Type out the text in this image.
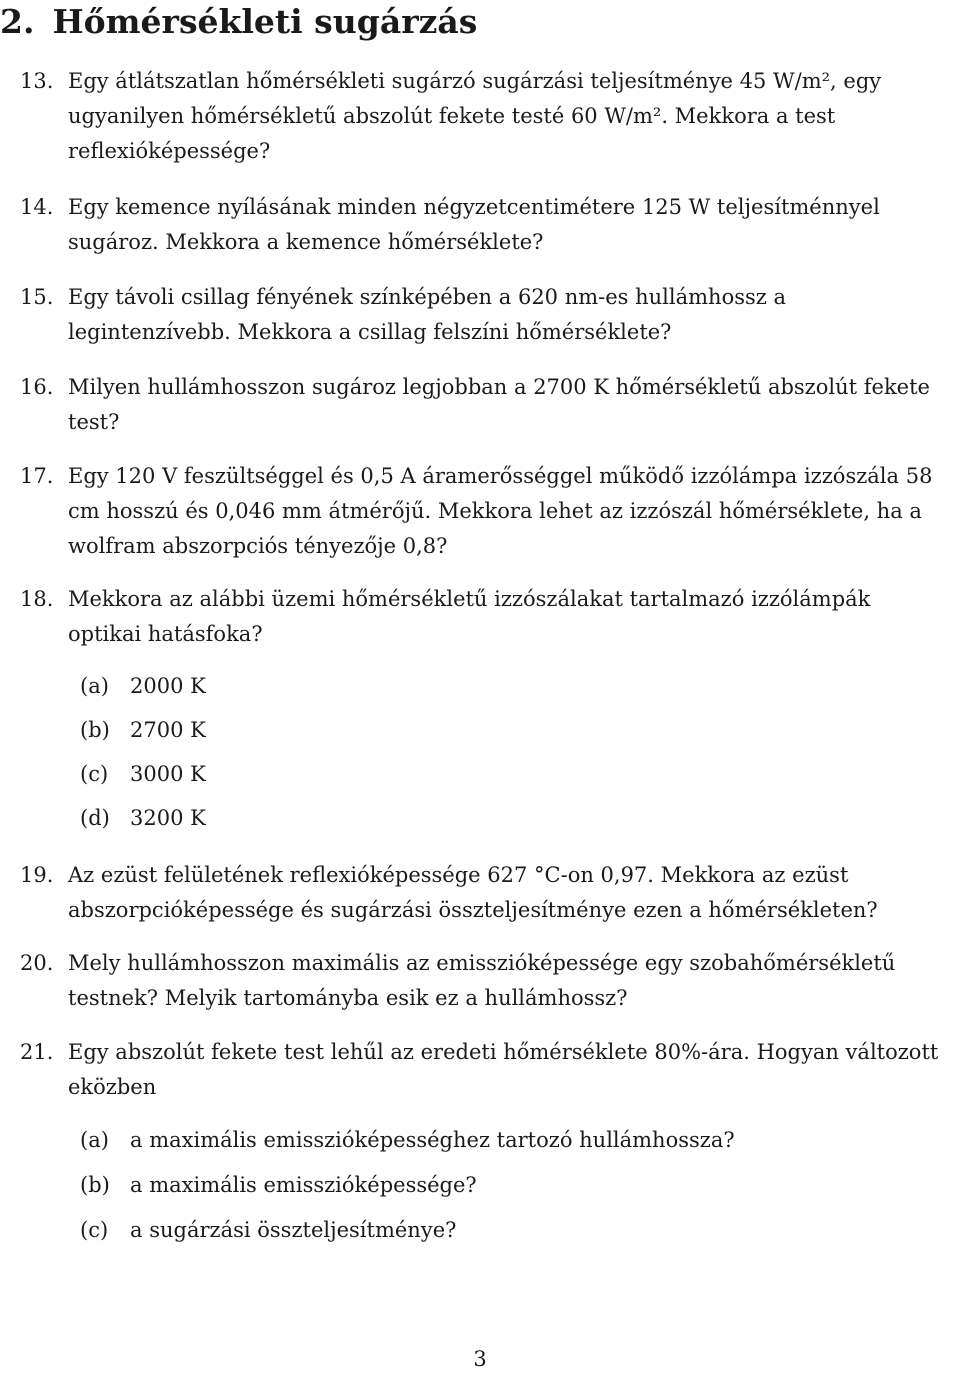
2. Hőmérsékleti sugárzás
13. Egy átlátszatlan hőmérsékleti sugárzó sugárzási teljesítménye 45 W/m², egy ugyanilyen hőmérsékletű abszolút fekete testé 60 W/m². Mekkora a test reflexióképessége?

14. Egy kemence nyílásának minden négyzetcentimétere 125 W teljesítménnyel sugároz. Mekkora a kemence hőmérséklete?

15. Egy távoli csillag fényének színképében a 620 nm-es hullámhossz a legintenzívebb. Mekkora a csillag felszíni hőmérséklete?

16. Milyen hullámhosszon sugároz legjobban a 2700 K hőmérsékletű abszolút fekete test?

17. Egy 120 V feszültséggel és 0,5 A áramerősséggel működő izzólámpa izzószála 58 cm hosszú és 0,046 mm átmérőjű. Mekkora lehet az izzószál hőmérséklete, ha a wolfram abszorpciós tényezője 0,8?

18. Mekkora az alábbi üzemi hőmérsékletű izzószálakat tartalmazó izzólámpák optikai hatásfoka?

(a) 2000 K
(b) 2700 K
(c) 3000 K
(d) 3200 K
19. Az ezüst felületének reflexióképessége 627 °C-on 0,97. Mekkora az ezüst abszorpcióképessége és sugárzási összteljesítménye ezen a hőmérsékleten?

20. Mely hullámhosszon maximális az emisszióképessége egy szobahőmérsékletű testnek? Melyik tartományba esik ez a hullámhossz?

21. Egy abszolút fekete test lehűl az eredeti hőmérséklete 80%-ára. Hogyan változott eközben

(a) a maximális emisszióképességhez tartozó hullámhossza?
(b) a maximális emisszióképessége?
(c) a sugárzási összteljesítménye?
3
